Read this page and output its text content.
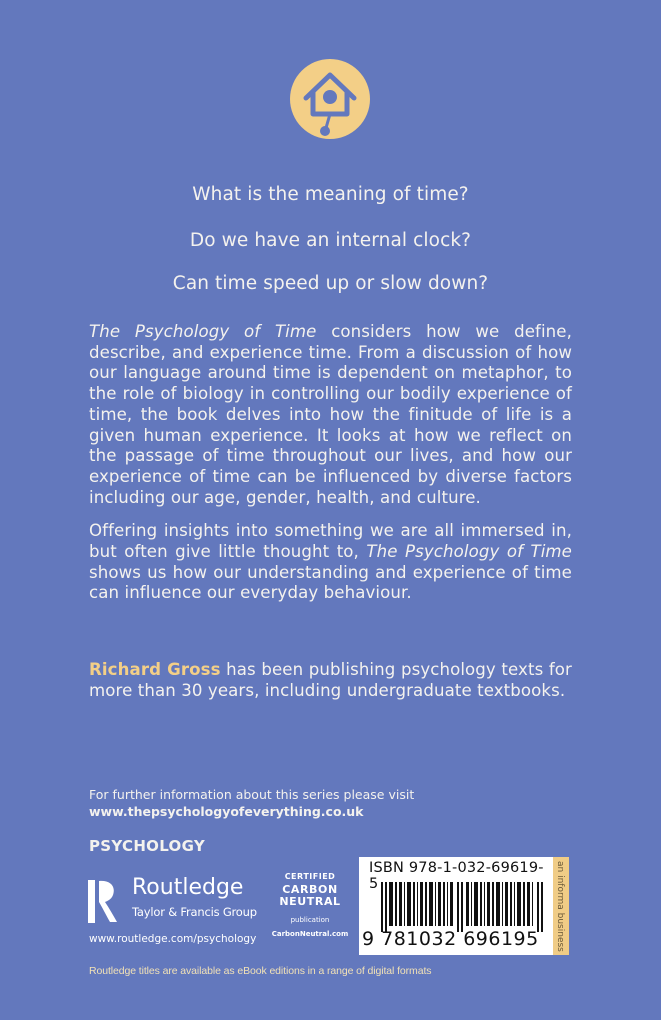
What is the meaning of time?
Do we have an internal clock?
Can time speed up or slow down?

The Psychology of Time considers how we define, describe, and experience time. From a discussion of how our language around time is dependent on metaphor, to the role of biology in controlling our bodily experience of time, the book delves into how the finitude of life is a given human experience. It looks at how we reflect on the passage of time throughout our lives, and how our experience of time can be influenced by diverse factors including our age, gender, health, and culture.

Offering insights into something we are all immersed in, but often give little thought to, The Psychology of Time shows us how our understanding and experience of time can influence our everyday behaviour.

Richard Gross has been publishing psychology texts for more than 30 years, including undergraduate textbooks.

For further information about this series please visit
www.thepsychologyofeverything.co.uk
PSYCHOLOGY
Routledge
Taylor & Francis Group
www.routledge.com/psychology
CERTIFIED
CARBON
NEUTRAL
publication
CarbonNeutral.com
ISBN 978-1-032-69619-5
9 781032 696195 an informa business
Routledge titles are available as eBook editions in a range of digital formats
